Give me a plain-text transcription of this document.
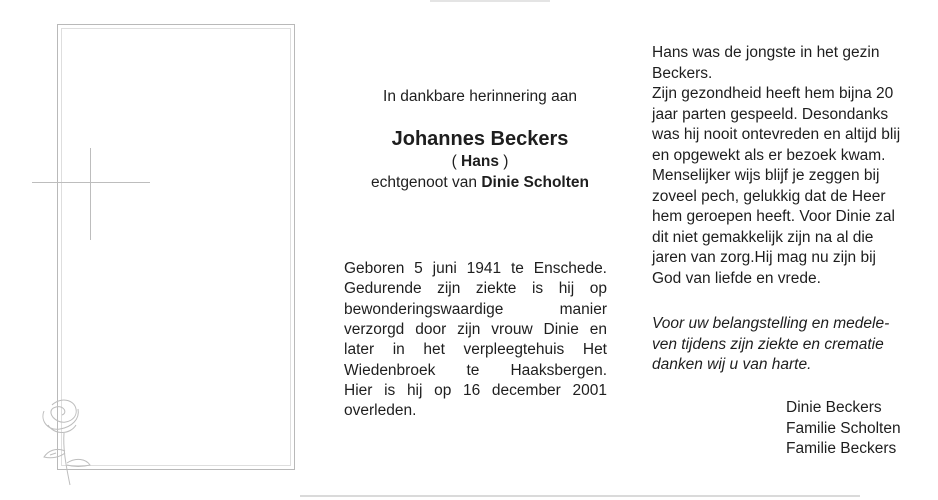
In dankbare herinnering aan
Johannes Beckers
( Hans )
echtgenoot van Dinie Scholten
Geboren 5 juni 1941 te Enschede.
Gedurende zijn ziekte is hij op
bewonderingswaardige manier
verzorgd door zijn vrouw Dinie en
later in het verpleegtehuis Het
Wiedenbroek te Haaksbergen.
Hier is hij op 16 december 2001
overleden.
Hans was de jongste in het gezin
Beckers.
Zijn gezondheid heeft hem bijna 20
jaar parten gespeeld. Desondanks
was hij nooit ontevreden en altijd blij
en opgewekt als er bezoek kwam.
Menselijker wijs blijf je zeggen bij
zoveel pech, gelukkig dat de Heer
hem geroepen heeft. Voor Dinie zal
dit niet gemakkelijk zijn na al die
jaren van zorg.Hij mag nu zijn bij
God van liefde en vrede.
Voor uw belangstelling en medele-
ven tijdens zijn ziekte en crematie
danken wij u van harte.
Dinie Beckers
Familie Scholten
Familie Beckers
